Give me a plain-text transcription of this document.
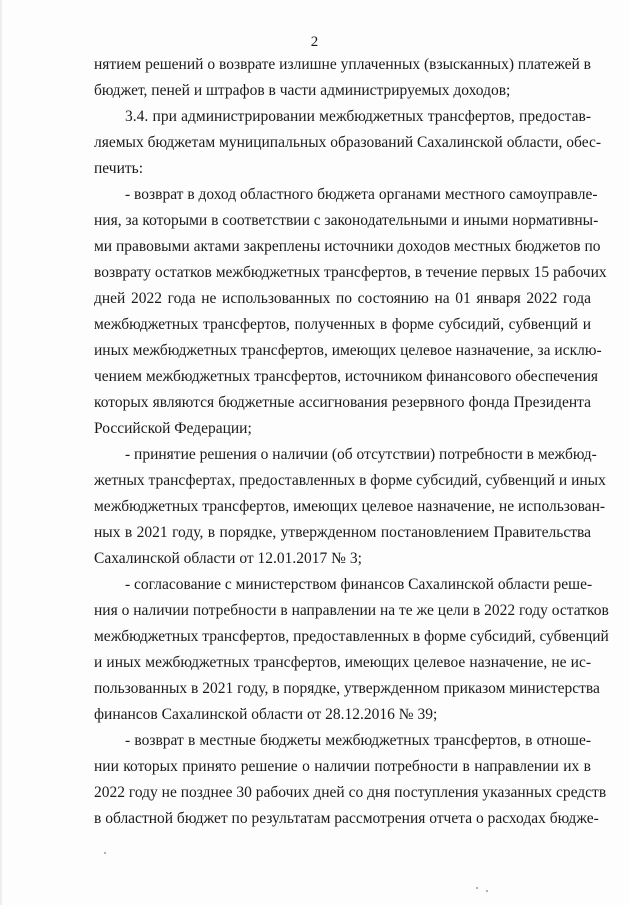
2
нятием решений о возврате излишне уплаченных (взысканных) платежей в
бюджет, пеней и штрафов в части администрируемых доходов;
3.4. при администрировании межбюджетных трансфертов, предостав-
ляемых бюджетам муниципальных образований Сахалинской области, обес-
печить:
- возврат в доход областного бюджета органами местного самоуправле-
ния, за которыми в соответствии с законодательными и иными нормативны-
ми правовыми актами закреплены источники доходов местных бюджетов по
возврату остатков межбюджетных трансфертов, в течение первых 15 рабочих
дней 2022 года не использованных по состоянию на 01 января 2022 года
межбюджетных трансфертов, полученных в форме субсидий, субвенций и
иных межбюджетных трансфертов, имеющих целевое назначение, за исклю-
чением межбюджетных трансфертов, источником финансового обеспечения
которых являются бюджетные ассигнования резервного фонда Президента
Российской Федерации;
- принятие решения о наличии (об отсутствии) потребности в межбюд-
жетных трансфертах, предоставленных в форме субсидий, субвенций и иных
межбюджетных трансфертов, имеющих целевое назначение, не использован-
ных в 2021 году, в порядке, утвержденном постановлением Правительства
Сахалинской области от 12.01.2017 № 3;
- согласование с министерством финансов Сахалинской области реше-
ния о наличии потребности в направлении на те же цели в 2022 году остатков
межбюджетных трансфертов, предоставленных в форме субсидий, субвенций
и иных межбюджетных трансфертов, имеющих целевое назначение, не ис-
пользованных в 2021 году, в порядке, утвержденном приказом министерства
финансов Сахалинской области от 28.12.2016 № 39;
- возврат в местные бюджеты межбюджетных трансфертов, в отноше-
нии которых принято решение о наличии потребности в направлении их в
2022 году не позднее 30 рабочих дней со дня поступления указанных средств
в областной бюджет по результатам рассмотрения отчета о расходах бюдже-
